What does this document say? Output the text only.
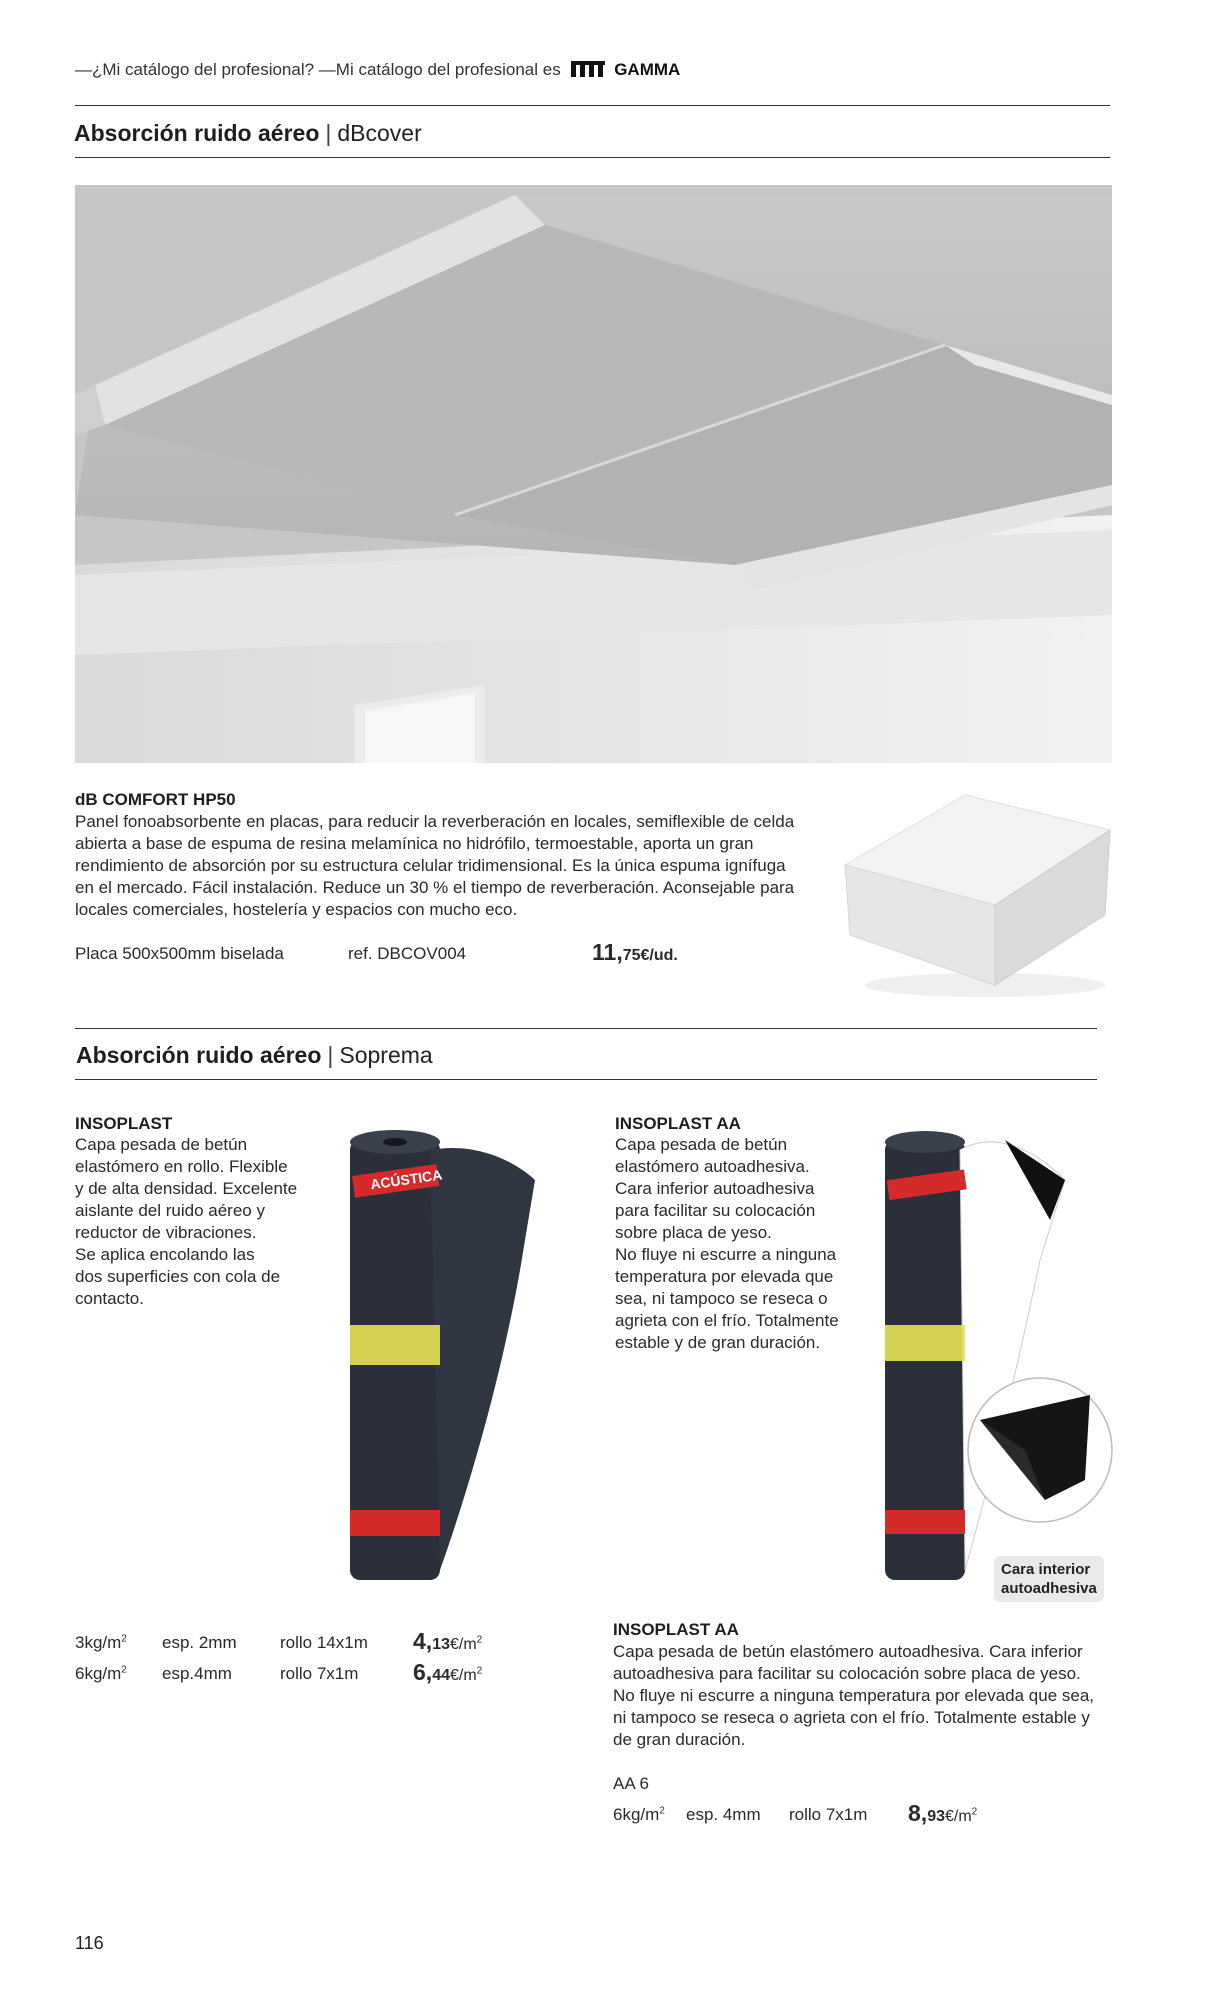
—¿Mi catálogo del profesional? —Mi catálogo del profesional es	GAMMA
Absorción ruido aéreo | dBcover
dB COMFORT HP50
Panel fonoabsorbente en placas, para reducir la reverberación en locales, semiflexible de celda
abierta a base de espuma de resina melamínica no hidrófilo, termoestable, aporta un gran
rendimiento de absorción por su estructura celular tridimensional. Es la única espuma ignífuga
en el mercado. Fácil instalación. Reduce un 30 % el tiempo de reverberación. Aconsejable para
locales comerciales, hostelería y espacios con mucho eco.
Placa 500x500mm biselada	ref. DBCOV004	11,75€/ud.
Absorción ruido aéreo | Soprema
INSOPLAST
Capa pesada de betún
elastómero en rollo. Flexible
y de alta densidad. Excelente
aislante del ruido aéreo y
reductor de vibraciones.
Se aplica encolando las
dos superficies con cola de
contacto.
ACÚSTICA
$3kg/m^2$ esp. 2mm	rollo 14x1m $4,13€/m^2$
$6kg/m^2$ esp.4mm	rollo 7x1m $6,44€/m^2$
INSOPLAST AA
Capa pesada de betún
elastómero autoadhesiva.
Cara inferior autoadhesiva
para facilitar su colocación
sobre placa de yeso.
No fluye ni escurre a ninguna
temperatura por elevada que
sea, ni tampoco se reseca o
agrieta con el frío. Totalmente
estable y de gran duración.
Cara interior
autoadhesiva
INSOPLAST AA
Capa pesada de betún elastómero autoadhesiva. Cara inferior
autoadhesiva para facilitar su colocación sobre placa de yeso.
No fluye ni escurre a ninguna temperatura por elevada que sea,
ni tampoco se reseca o agrieta con el frío. Totalmente estable y
de gran duración.
AA 6
$6kg/m^2$ esp. 4mm rollo 7x1m $8,93€/m^2$
116
